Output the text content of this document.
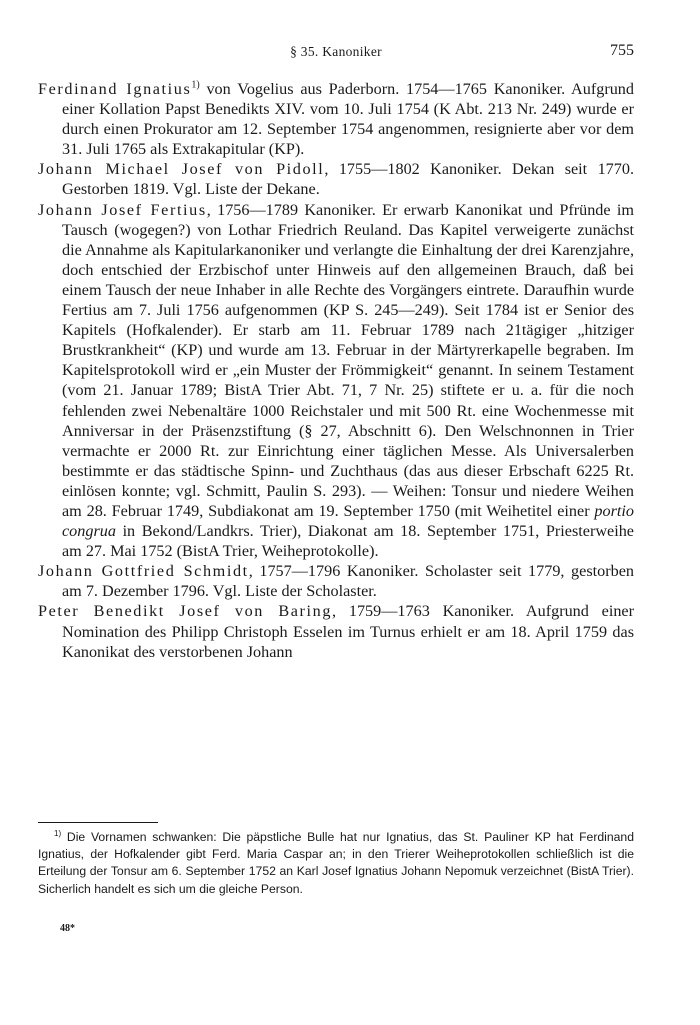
§ 35. Kanoniker	755

Ferdinand Ignatius$^{1)}$ von Vogelius aus Paderborn. 1754—1765 Kanoniker. Aufgrund einer Kollation Papst Benedikts XIV. vom 10. Juli 1754 (K Abt. 213 Nr. 249) wurde er durch einen Prokurator am 12. September 1754 angenommen, resignierte aber vor dem 31. Juli 1765 als Extrakapitular (KP).

Johann Michael Josef von Pidoll, 1755—1802 Kanoniker. Dekan seit 1770. Gestorben 1819. Vgl. Liste der Dekane.

Johann Josef Fertius, 1756—1789 Kanoniker. Er erwarb Kanonikat und Pfründe im Tausch (wogegen?) von Lothar Friedrich Reuland. Das Kapitel verweigerte zunächst die Annahme als Kapitularkanoniker und verlangte die Einhaltung der drei Karenzjahre, doch entschied der Erzbischof unter Hinweis auf den allgemeinen Brauch, daß bei einem Tausch der neue Inhaber in alle Rechte des Vorgängers eintrete. Daraufhin wurde Fertius am 7. Juli 1756 aufgenommen (KP S. 245—249). Seit 1784 ist er Senior des Kapitels (Hofkalender). Er starb am 11. Februar 1789 nach 21tägiger „hitziger Brustkrankheit“ (KP) und wurde am 13. Februar in der Märtyrerkapelle begraben. Im Kapitelsprotokoll wird er „ein Muster der Frömmigkeit“ genannt. In seinem Testament (vom 21. Januar 1789; BistA Trier Abt. 71, 7 Nr. 25) stiftete er u. a. für die noch fehlenden zwei Nebenaltäre 1000 Reichstaler und mit 500 Rt. eine Wochenmesse mit Anniversar in der Präsenzstiftung (§ 27, Abschnitt 6). Den Welschnonnen in Trier vermachte er 2000 Rt. zur Einrichtung einer täglichen Messe. Als Universalerben bestimmte er das städtische Spinn- und Zuchthaus (das aus dieser Erbschaft 6225 Rt. einlösen konnte; vgl. Schmitt, Paulin S. 293). — Weihen: Tonsur und niedere Weihen am 28. Februar 1749, Subdiakonat am 19. September 1750 (mit Weihetitel einer portio congrua in Bekond/Landkrs. Trier), Diakonat am 18. September 1751, Priesterweihe am 27. Mai 1752 (BistA Trier, Weiheprotokolle).

Johann Gottfried Schmidt, 1757—1796 Kanoniker. Scholaster seit 1779, gestorben am 7. Dezember 1796. Vgl. Liste der Scholaster.

Peter Benedikt Josef von Baring, 1759—1763 Kanoniker. Aufgrund einer Nomination des Philipp Christoph Esselen im Turnus erhielt er am 18. April 1759 das Kanonikat des verstorbenen Johann

$^{1)}$ Die Vornamen schwanken: Die päpstliche Bulle hat nur Ignatius, das St. Pauliner KP hat Ferdinand Ignatius, der Hofkalender gibt Ferd. Maria Caspar an; in den Trierer Weiheprotokollen schließlich ist die Erteilung der Tonsur am 6. September 1752 an Karl Josef Ignatius Johann Nepomuk verzeichnet (BistA Trier). Sicherlich handelt es sich um die gleiche Person.

48*
